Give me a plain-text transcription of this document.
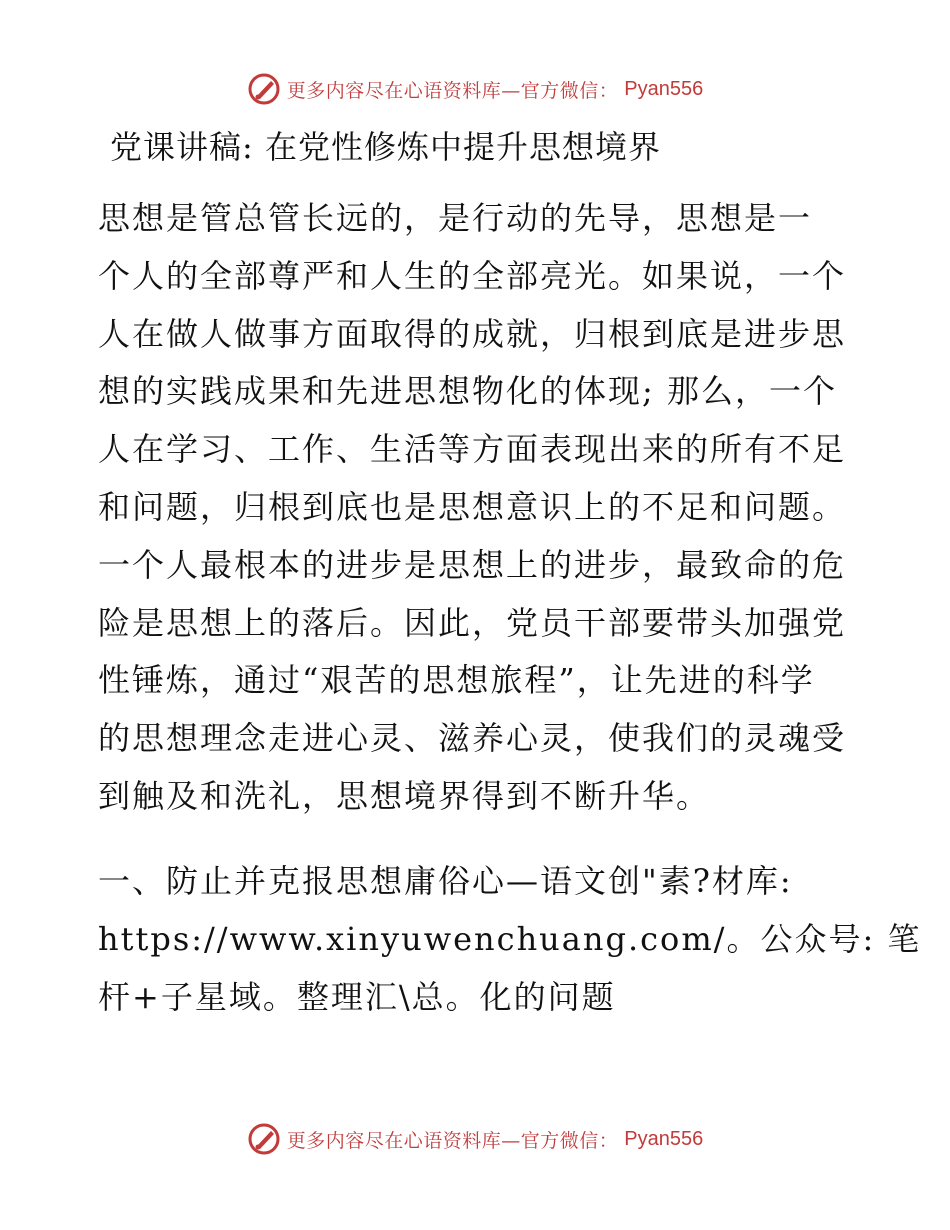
更多内容尽在心语资料库—官方微信： Pyan556
党课讲稿: 在党性修炼中提升思想境界
思想是管总管长远的，是行动的先导，思想是一
个人的全部尊严和人生的全部亮光。如果说，一个
人在做人做事方面取得的成就，归根到底是进步思
想的实践成果和先进思想物化的体现; 那么，一个
人在学习、工作、生活等方面表现出来的所有不足
和问题，归根到底也是思想意识上的不足和问题。
一个人最根本的进步是思想上的进步，最致命的危
险是思想上的落后。因此，党员干部要带头加强党
性锤炼，通过“艰苦的思想旅程”，让先进的科学
的思想理念走进心灵、滋养心灵，使我们的灵魂受
到触及和洗礼，思想境界得到不断升华。
一、防止并克报思想庸俗心—语文创"素?材库:
https://www.xinyuwenchuang.com/。公众号: 笔
杆+子星域。整理汇\总。化的问题
更多内容尽在心语资料库—官方微信： Pyan556
